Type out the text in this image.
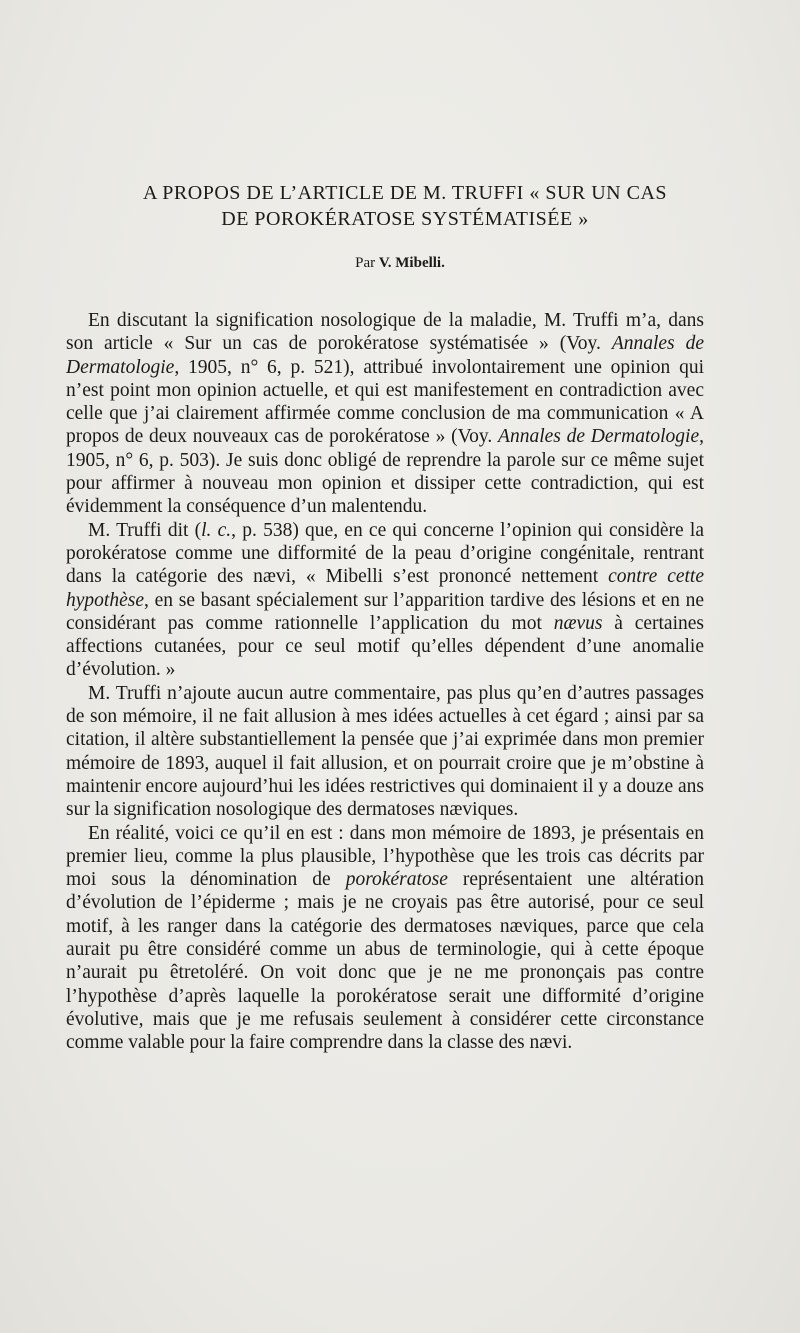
A PROPOS DE L’ARTICLE DE M. TRUFFI « SUR UN CAS
DE POROKÉRATOSE SYSTÉMATISÉE »
Par V. Mibelli.

En discutant la signification nosologique de la maladie, M. Truffi m’a, dans son article « Sur un cas de porokératose systématisée » (Voy. Annales de Dermatologie, 1905, n° 6, p. 521), attribué involontairement une opinion qui n’est point mon opinion actuelle, et qui est manifestement en contradiction avec celle que j’ai clairement affirmée comme conclusion de ma communication « A propos de deux nouveaux cas de porokératose » (Voy. Annales de Dermatologie, 1905, n° 6, p. 503). Je suis donc obligé de reprendre la parole sur ce même sujet pour affirmer à nouveau mon opinion et dissiper cette contradiction, qui est évidemment la conséquence d’un malentendu.

M. Truffi dit (l. c., p. 538) que, en ce qui concerne l’opinion qui considère la porokératose comme une difformité de la peau d’origine congénitale, rentrant dans la catégorie des nævi, « Mibelli s’est prononcé nettement contre cette hypothèse, en se basant spécialement sur l’apparition tardive des lésions et en ne considérant pas comme rationnelle l’application du mot nævus à certaines affections cutanées, pour ce seul motif qu’elles dépendent d’une anomalie d’évolution. »

M. Truffi n’ajoute aucun autre commentaire, pas plus qu’en d’autres passages de son mémoire, il ne fait allusion à mes idées actuelles à cet égard ; ainsi par sa citation, il altère substantiellement la pensée que j’ai exprimée dans mon premier mémoire de 1893, auquel il fait allusion, et on pourrait croire que je m’obstine à maintenir encore aujourd’hui les idées restrictives qui dominaient il y a douze ans sur la signification nosologique des dermatoses næviques.

En réalité, voici ce qu’il en est : dans mon mémoire de 1893, je présentais en premier lieu, comme la plus plausible, l’hypothèse que les trois cas décrits par moi sous la dénomination de porokératose représentaient une altération d’évolution de l’épiderme ; mais je ne croyais pas être autorisé, pour ce seul motif, à les ranger dans la catégorie des dermatoses næviques, parce que cela aurait pu être considéré comme un abus de terminologie, qui à cette époque n’aurait pu êtretoléré. On voit donc que je ne me prononçais pas contre l’hypothèse d’après laquelle la porokératose serait une difformité d’origine évolutive, mais que je me refusais seulement à considérer cette circonstance comme valable pour la faire comprendre dans la classe des nævi.
